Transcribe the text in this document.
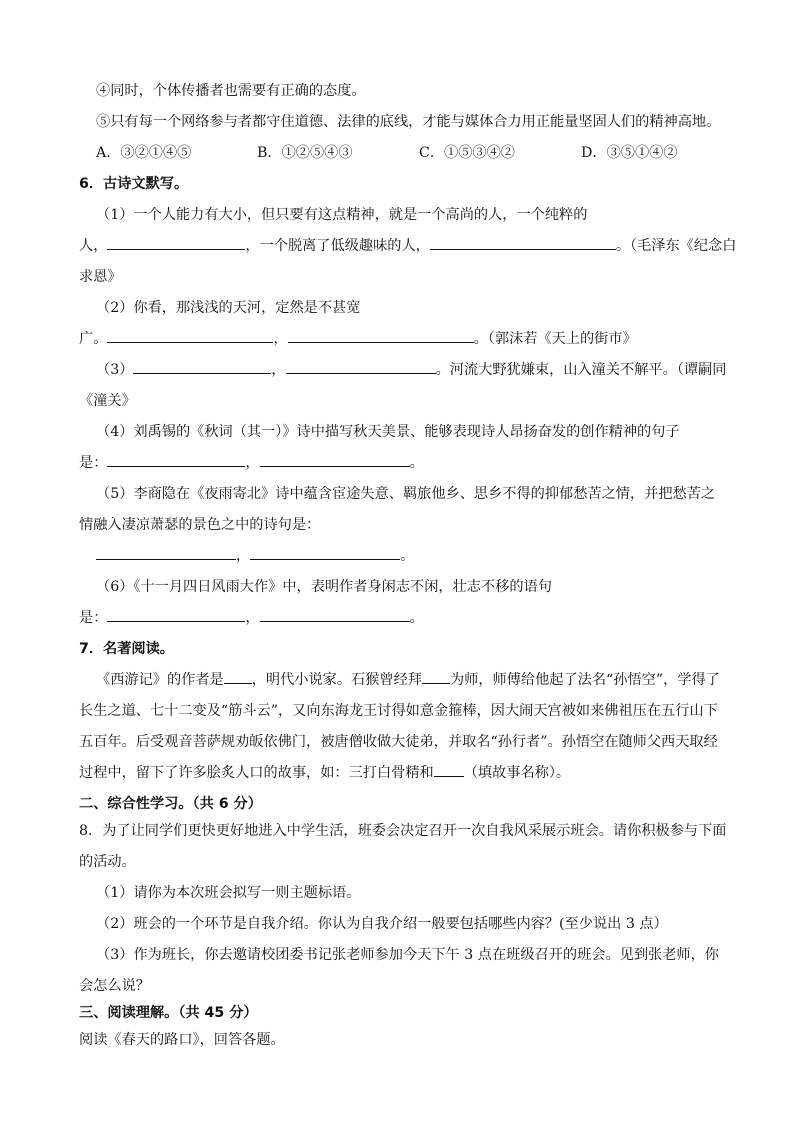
④同时，个体传播者也需要有正确的态度。
⑤只有每一个网络参与者都守住道德、法律的底线，才能与媒体合力用正能量坚固人们的精神高地。
A．③②①④⑤	B．①②⑤④③	C．①⑤③④②	D．③⑤①④②
6．古诗文默写。
（1）一个人能力有大小，但只要有这点精神，就是一个高尚的人，一个纯粹的
人，	，一个脱离了低级趣味的人，	。（毛泽东《纪念白
求恩》
（2）你看，那浅浅的天河，定然是不甚宽
广。	，	。（郭沫若《天上的街市》
（3）	，	。河流大野犹嫌束，山入潼关不解平。（谭嗣同
《潼关》
（4）刘禹锡的《秋词（其一）》诗中描写秋天美景、能够表现诗人昂扬奋发的创作精神的句子
是：	，	。
（5）李商隐在《夜雨寄北》诗中蕴含宦途失意、羁旅他乡、思乡不得的抑郁愁苦之情，并把愁苦之
情融入凄凉萧瑟的景色之中的诗句是：
，	。
（6）《十一月四日风雨大作》中，表明作者身闲志不闲，壮志不移的语句
是：	，	。
7．名著阅读。
《西游记》的作者是 ，明代小说家。石猴曾经拜 为师，师傅给他起了法名“孙悟空”，学得了
长生之道、七十二变及“筋斗云”，又向东海龙王讨得如意金箍棒，因大闹天宫被如来佛祖压在五行山下
五百年。后受观音菩萨规劝皈依佛门，被唐僧收做大徒弟，并取名“孙行者”。孙悟空在随师父西天取经
过程中，留下了许多脍炙人口的故事，如：三打白骨精和 （填故事名称）。
二、综合性学习。（共 6 分）
8．为了让同学们更快更好地进入中学生活，班委会决定召开一次自我风采展示班会。请你积极参与下面
的活动。
（1）请你为本次班会拟写一则主题标语。
（2）班会的一个环节是自我介绍。你认为自我介绍一般要包括哪些内容？(至少说出 3 点）
（3）作为班长，你去邀请校团委书记张老师参加今天下午 3 点在班级召开的班会。见到张老师，你
会怎么说？
三、阅读理解。（共 45 分）
阅读《春天的路口》，回答各题。
